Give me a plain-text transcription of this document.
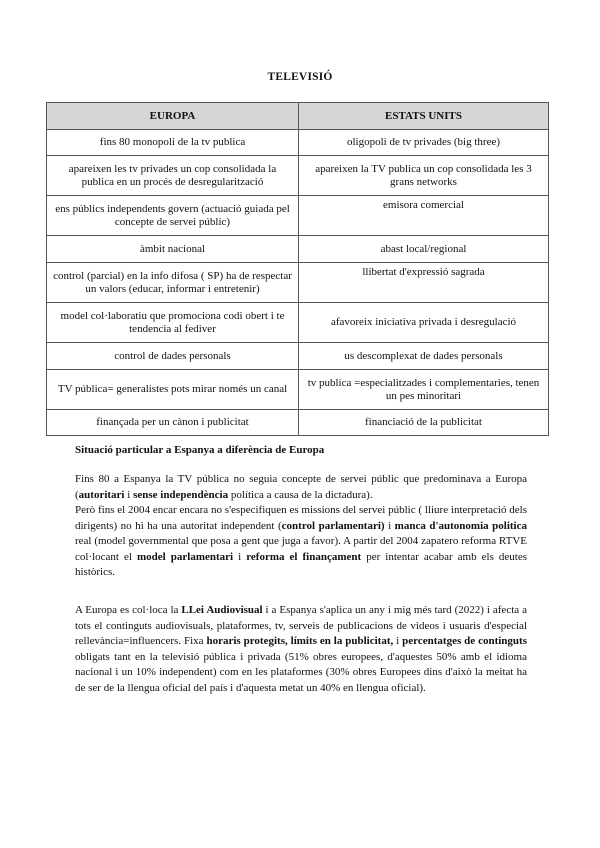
TELEVISIÓ
EUROPA	ESTATS UNITS
fins 80 monopoli de la tv publica	oligopoli de tv privades (big three)
apareixen les tv privades un cop consolidada la publica en un procés de desregularització	apareixen la TV publica un cop consolidada les 3 grans networks
ens públics independents govern (actuació guiada pel concepte de servei públic)	emisora comercial
àmbit nacional	abast local/regional
control (parcial) en la info difosa ( SP) ha de respectar un valors (educar, informar i entretenir)	llibertat d'expressió sagrada
model col·laboratiu que promociona codi obert i te tendencia al fediver	afavoreix iniciativa privada i desregulació
control de dades personals	us descomplexat de dades personals
TV pública= generalistes pots mirar només un canal	tv publica =especialitzades i complementaries, tenen un pes minoritari
finançada per un cànon i publicitat	financiació de la publicitat
Situació particular a Espanya a diferència de Europa

Fins 80 a Espanya la TV pública no seguia concepte de servei públic que predominava a Europa (autoritari i sense independència política a causa de la dictadura).

Però fins el 2004 encar encara no s'especifiquen es missions del servei públic ( lliure interpretació dels dirigents) no hi ha una autoritat independent (control parlamentari) i manca d'autonomia politica real (model governmental que posa a gent que juga a favor). A partir del 2004 zapatero reforma RTVE col·locant el model parlamentari i reforma el finançament per intentar acabar amb els deutes històrics.

A Europa es col·loca la LLei Audiovisual i a Espanya s'aplica un any i mig més tard (2022) i afecta a tots el continguts audiovisuals, plataformes, tv, serveis de publicacions de videos i usuaris d'especial rellevància=influencers. Fixa horaris protegits, límits en la publicitat, i percentatges de continguts obligats tant en la televisió pública i privada (51% obres europees, d'aquestes 50% amb el idioma nacional i un 10% independent) com en les plataformes (30% obres Europees dins d'això la meitat ha de ser de la llengua oficial del país i d'aquesta metat un 40% en llengua oficial).
